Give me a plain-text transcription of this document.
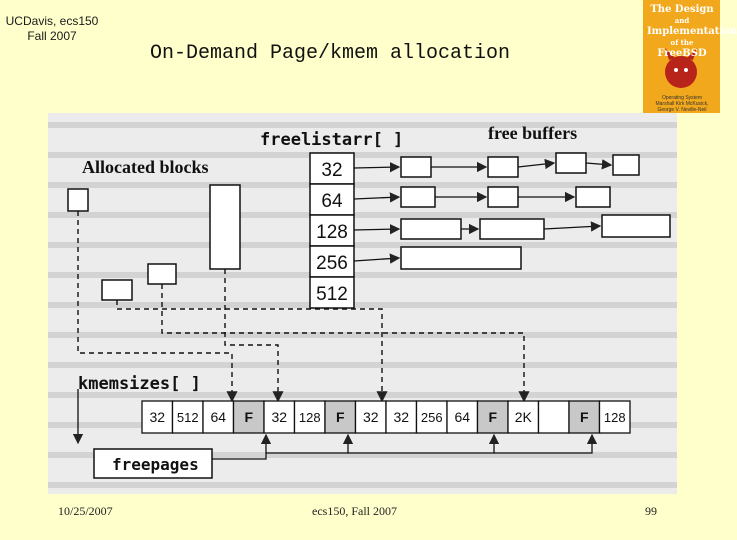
UCDavis, ecs150
Fall 2007
On-Demand Page/kmem allocation
The Design
and
Implementation
of the
FreeBSD
Operating System
Marshall Kirk McKusick, George V. Neville-Neil
freelistarr[ ]	free buffers
Allocated blocks
kmemsizes[ ]
32
64
128
256
512
32 512 64 F 32 128 F 32 32 256 64 F 2K	F 128
freepages
10/25/2007	ecs150, Fall 2007	99
